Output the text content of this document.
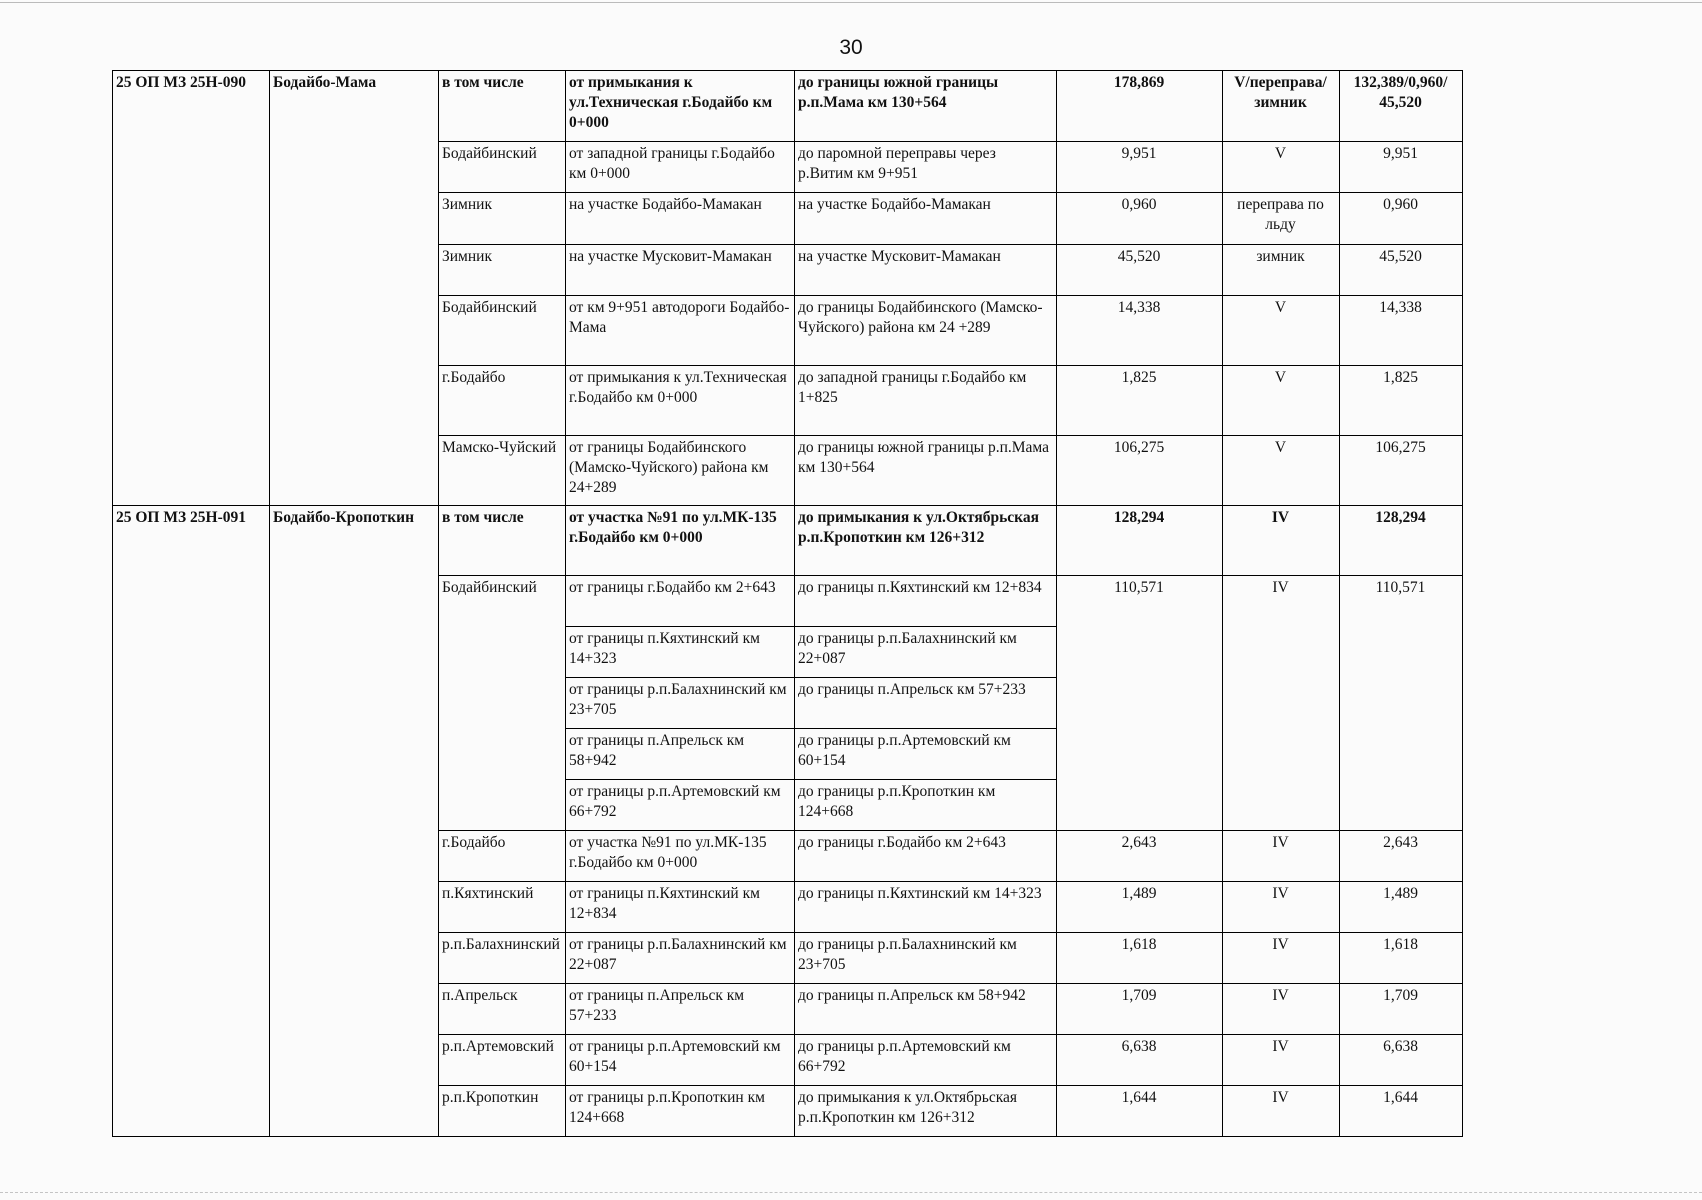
30
25 ОП МЗ 25Н-090	Бодайбо-Мама	в том числе	от примыкания к ул.Техническая г.Бодайбо км 0+000	до границы южной границы р.п.Мама км 130+564	178,869	V/переправа/зимник	132,389/0,960/ 45,520
		Бодайбинский	от западной границы г.Бодайбо км 0+000	до паромной переправы через р.Витим км 9+951	9,951	V	9,951
		Зимник	на участке Бодайбо-Мамакан	на участке Бодайбо-Мамакан	0,960	переправа по льду	0,960
		Зимник	на участке Мусковит-Мамакан	на участке Мусковит-Мамакан	45,520	зимник	45,520
		Бодайбинский	от км 9+951 автодороги Бодайбо-Мама	до границы Бодайбинского (Мамско-Чуйского) района км 24 +289	14,338	V	14,338
		г.Бодайбо	от примыкания к ул.Техническая г.Бодайбо км 0+000	до западной границы г.Бодайбо км 1+825	1,825	V	1,825
		Мамско-Чуйский	от границы Бодайбинского (Мамско-Чуйского) района км 24+289	до границы южной границы р.п.Мама км 130+564	106,275	V	106,275
25 ОП МЗ 25Н-091	Бодайбо-Кропоткин	в том числе	от участка №91 по ул.МК-135 г.Бодайбо км 0+000	до примыкания к ул.Октябрьская р.п.Кропоткин км 126+312	128,294	IV	128,294
		Бодайбинский	от границы г.Бодайбо км 2+643	до границы п.Кяхтинский км 12+834	110,571	IV	110,571
			от границы п.Кяхтинский км 14+323	до границы р.п.Балахнинский км 22+087			
			от границы р.п.Балахнинский км 23+705	до границы п.Апрельск км 57+233			
			от границы п.Апрельск км 58+942	до границы р.п.Артемовский км 60+154			
			от границы р.п.Артемовский км 66+792	до границы р.п.Кропоткин км 124+668			
		г.Бодайбо	от участка №91 по ул.МК-135 г.Бодайбо км 0+000	до границы г.Бодайбо км 2+643	2,643	IV	2,643
		п.Кяхтинский	от границы п.Кяхтинский км 12+834	до границы п.Кяхтинский км 14+323	1,489	IV	1,489
		р.п.Балахнинский	от границы р.п.Балахнинский км 22+087	до границы р.п.Балахнинский км 23+705	1,618	IV	1,618
		п.Апрельск	от границы п.Апрельск км 57+233	до границы п.Апрельск км 58+942	1,709	IV	1,709
		р.п.Артемовский	от границы р.п.Артемовский км 60+154	до границы р.п.Артемовский км 66+792	6,638	IV	6,638
		р.п.Кропоткин	от границы р.п.Кропоткин км 124+668	до примыкания к ул.Октябрьская р.п.Кропоткин км 126+312	1,644	IV	1,644
